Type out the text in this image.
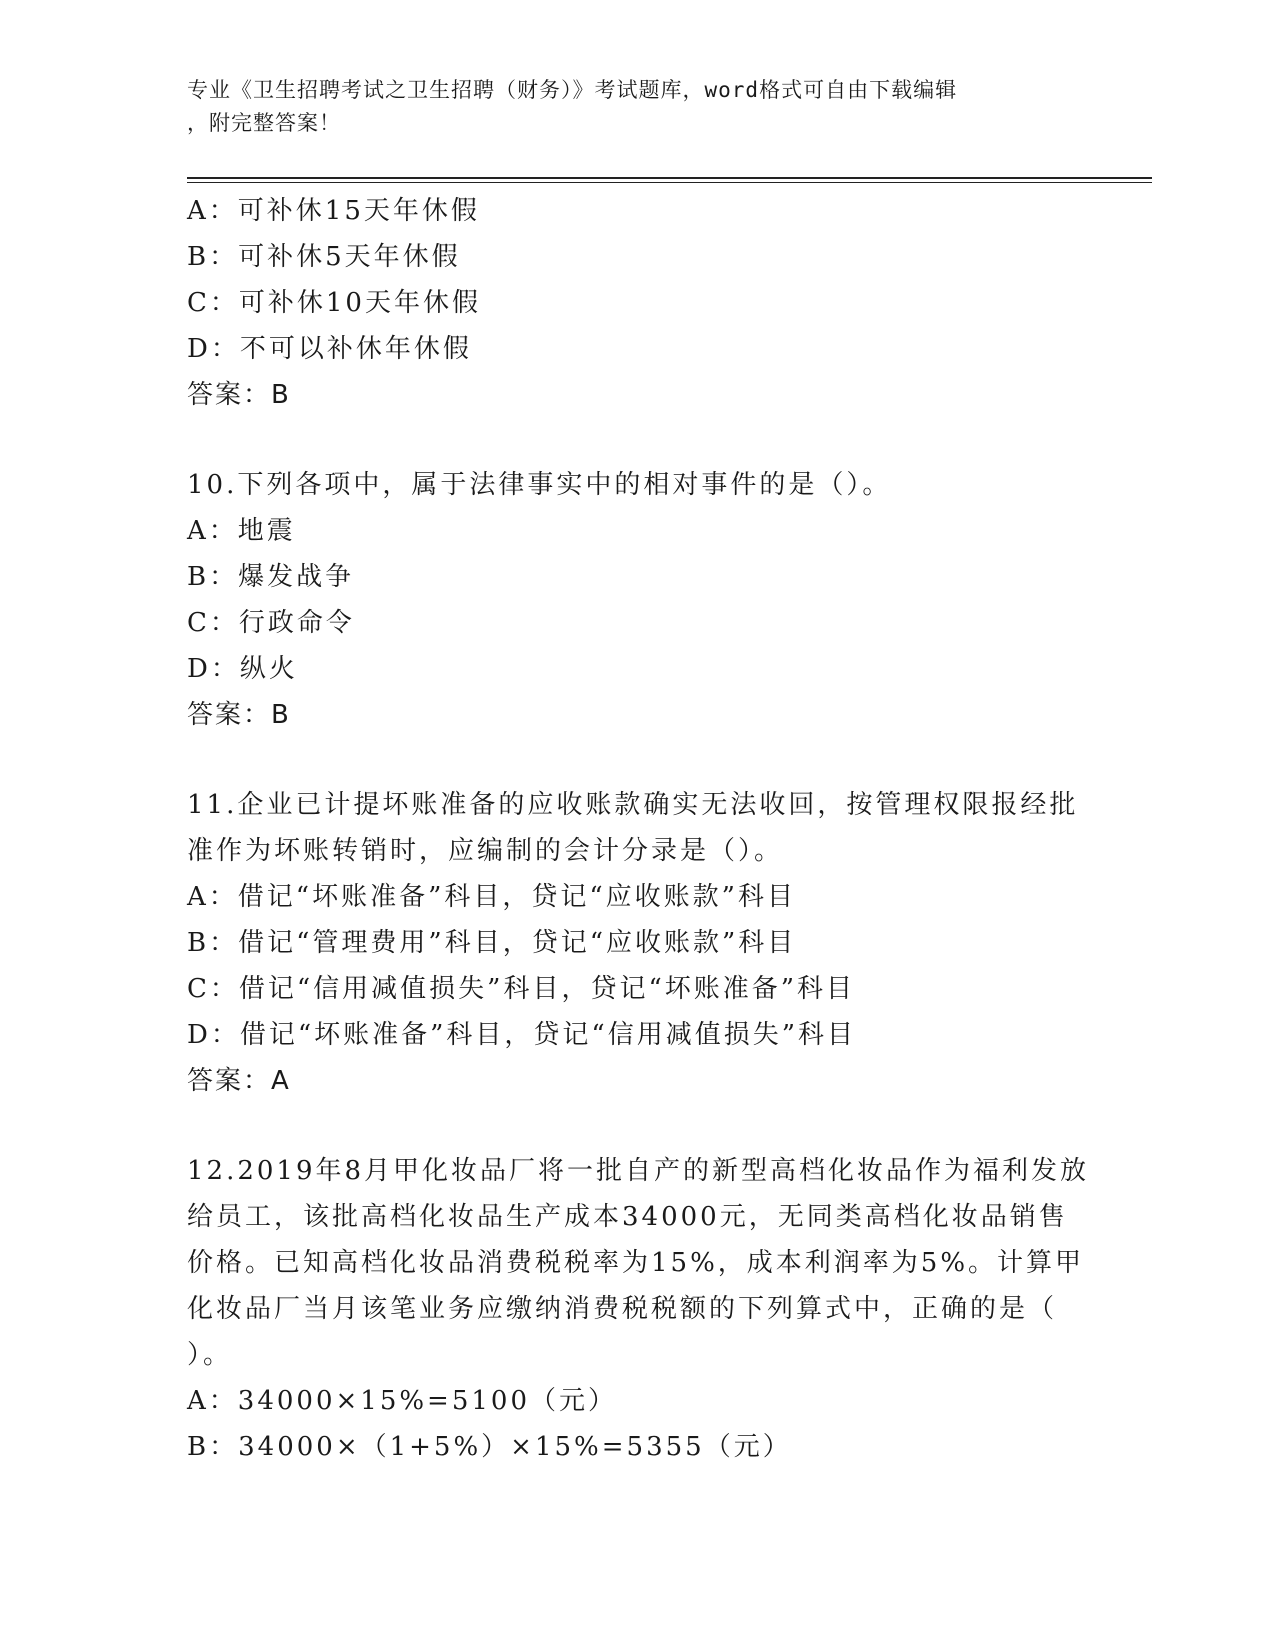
专业《卫生招聘考试之卫生招聘（财务）》考试题库，word格式可自由下载编辑
，附完整答案！
A：可补休15天年休假
B：可补休5天年休假
C：可补休10天年休假
D：不可以补休年休假
答案：B
10.下列各项中，属于法律事实中的相对事件的是（）。
A：地震
B：爆发战争
C：行政命令
D：纵火
答案：B
11.企业已计提坏账准备的应收账款确实无法收回，按管理权限报经批
准作为坏账转销时，应编制的会计分录是（）。
A：借记“坏账准备”科目，贷记“应收账款”科目
B：借记“管理费用”科目，贷记“应收账款”科目
C：借记“信用减值损失”科目，贷记“坏账准备”科目
D：借记“坏账准备”科目，贷记“信用减值损失”科目
答案：A
12.2019年8月甲化妆品厂将一批自产的新型高档化妆品作为福利发放
给员工，该批高档化妆品生产成本34000元，无同类高档化妆品销售
价格。已知高档化妆品消费税税率为15%，成本利润率为5%。计算甲
化妆品厂当月该笔业务应缴纳消费税税额的下列算式中，正确的是（
）。
A：34000×15%=5100（元）
B：34000×（1+5%）×15%=5355（元）
